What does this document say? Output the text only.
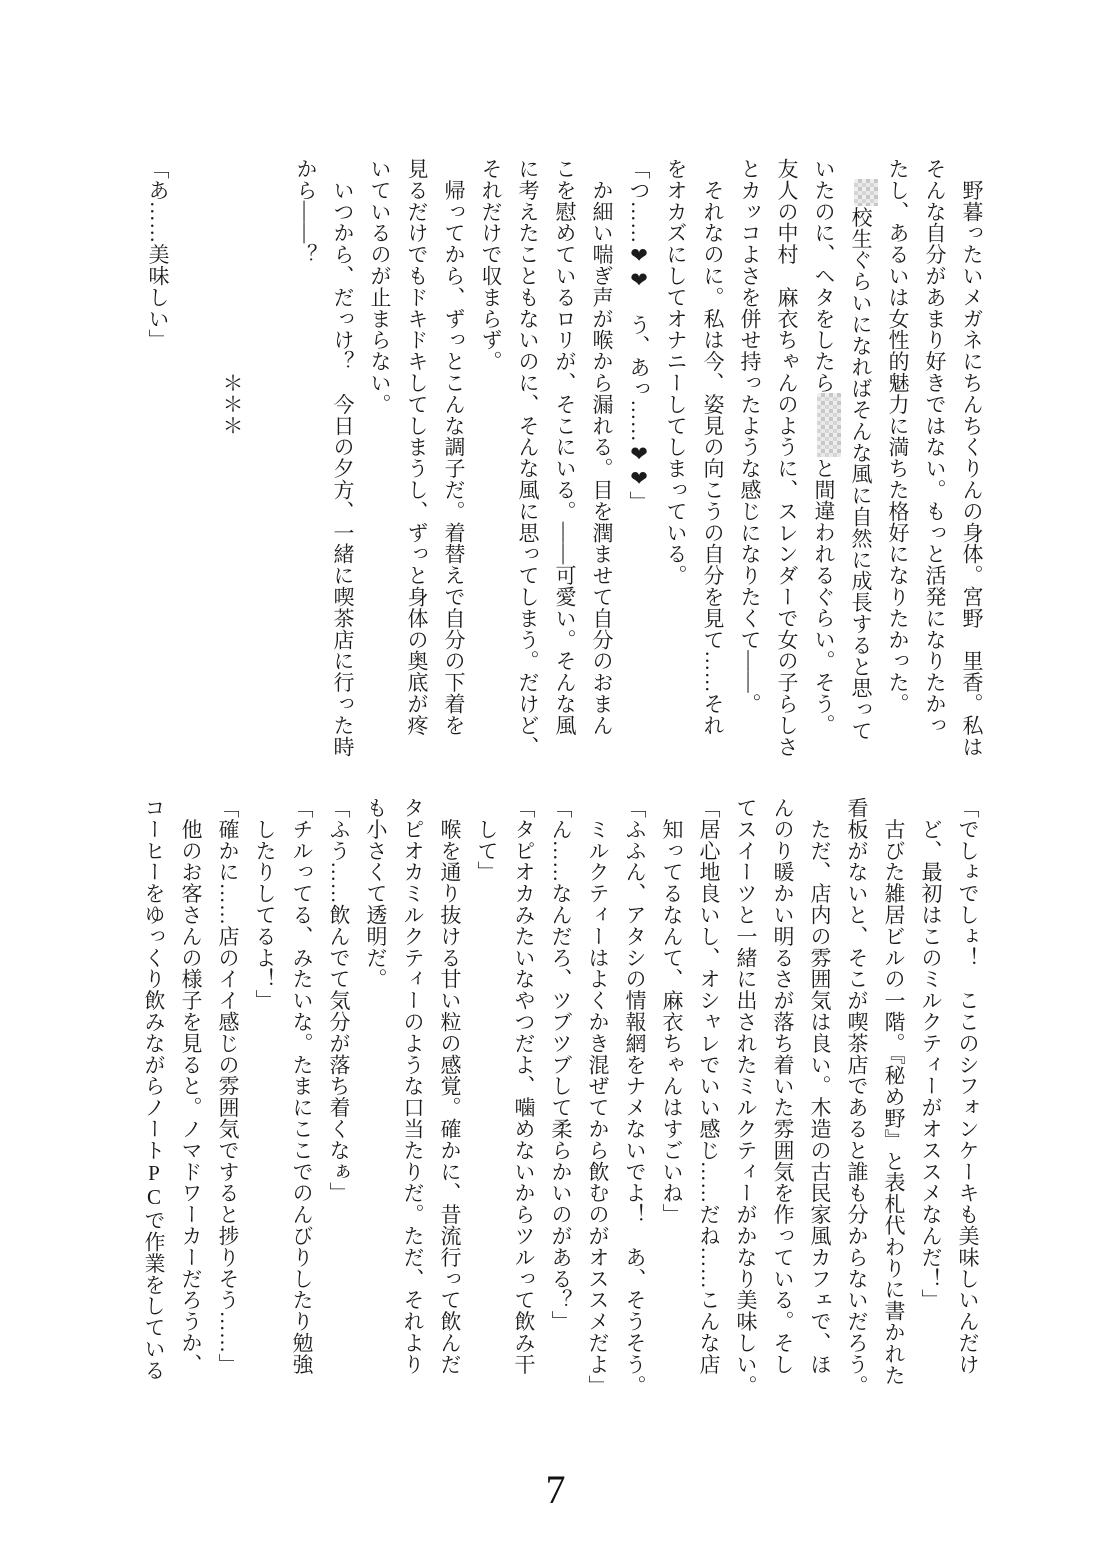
　野暮ったいメガネにちんちくりんの身体。宮野　里香。私は

そんな自分があまり好きではない。もっと活発になりたかっ

たし、あるいは女性的魅力に満ちた格好になりたかった。

　校生ぐらいになればそんな風に自然に成長すると思って

いたのに、ヘタをしたらと間違われるぐらい。そう。

友人の中村　麻衣ちゃんのように、スレンダーで女の子らしさ

とカッコよさを併せ持ったような感じになりたくて――。

　それなのに。私は今、姿見の向こうの自分を見て……それ

をオカズにしてオナニーしてしまっている。

「つ……❤❤　う、あっ……❤❤」

　か細い喘ぎ声が喉から漏れる。目を潤ませて自分のおまん

こを慰めているロリが、そこにいる。――可愛い。そんな風

に考えたこともないのに、そんな風に思ってしまう。だけど、

それだけで収まらず。

　帰ってから、ずっとこんな調子だ。着替えで自分の下着を

見るだけでもドキドキしてしまうし、ずっと身体の奥底が疼

いているのが止まらない。

　いつから、だっけ？　今日の夕方、一緒に喫茶店に行った時

から――？

　　　　　　　　　　＊＊＊

「あ……美味しい」

「でしょでしょ！　ここのシフォンケーキも美味しいんだけ

　ど、最初はこのミルクティーがオススメなんだ！」

　古びた雑居ビルの一階。『秘め野』と表札代わりに書かれた

看板がないと、そこが喫茶店であると誰も分からないだろう。

　ただ、店内の雰囲気は良い。木造の古民家風カフェで、ほ

んのり暖かい明るさが落ち着いた雰囲気を作っている。そし

てスイーツと一緒に出されたミルクティーがかなり美味しい。

「居心地良いし、オシャレでいい感じ……だね……こんな店

　知ってるなんて、麻衣ちゃんはすごいね」

「ふふん、アタシの情報網をナメないでよ！　あ、そうそう。

　ミルクティーはよくかき混ぜてから飲むのがオススメだよ」

「ん……なんだろ、ツブツブして柔らかいのがある？」

「タピオカみたいなやつだよ、噛めないからツルって飲み干

　して」

　喉を通り抜ける甘い粒の感覚。確かに、昔流行って飲んだ

タピオカミルクティーのような口当たりだ。ただ、それより

も小さくて透明だ。

「ふう……飲んでて気分が落ち着くなぁ」

「チルってる、みたいな。たまにここでのんびりしたり勉強

　したりしてるよ！」

「確かに……店のイイ感じの雰囲気ですると捗りそう……」

　他のお客さんの様子を見ると。ノマドワーカーだろうか、

コーヒーをゆっくり飲みながらノートPCで作業をしている

7
